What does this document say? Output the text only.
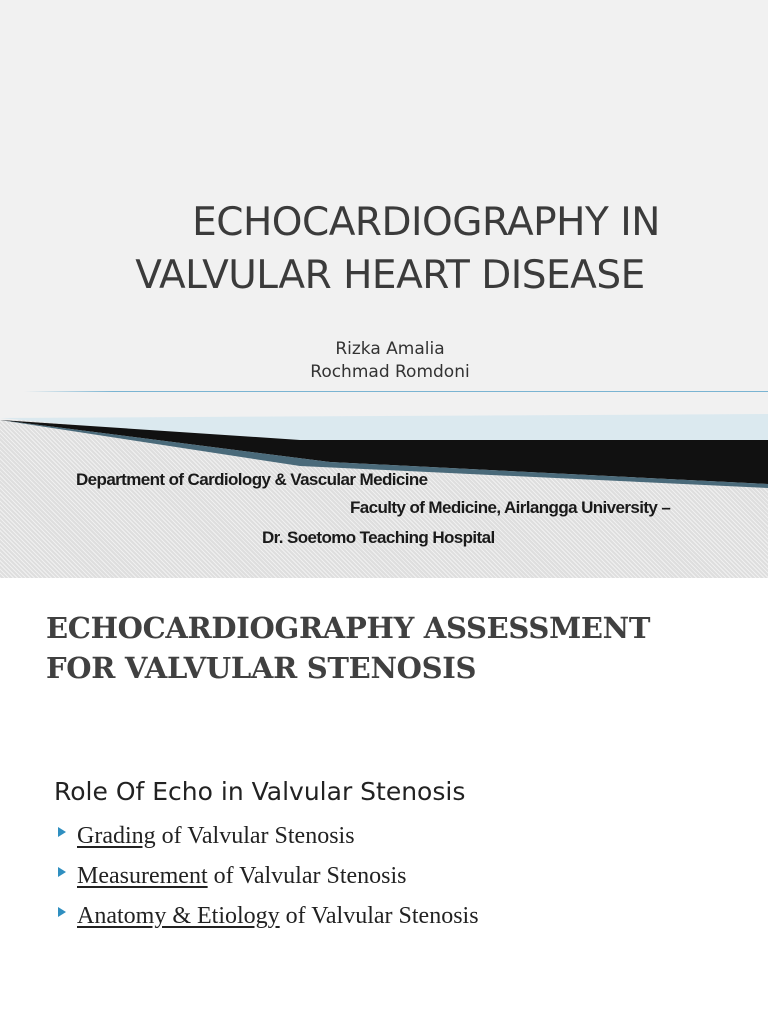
ECHOCARDIOGRAPHY IN
VALVULAR HEART DISEASE
Rizka Amalia
Rochmad Romdoni
Department of Cardiology & Vascular Medicine
Faculty of Medicine, Airlangga University –
Dr. Soetomo Teaching Hospital
ECHOCARDIOGRAPHY ASSESSMENT
FOR VALVULAR STENOSIS
Role Of Echo in Valvular Stenosis
Grading of Valvular Stenosis
Measurement of Valvular Stenosis
Anatomy & Etiology of Valvular Stenosis
